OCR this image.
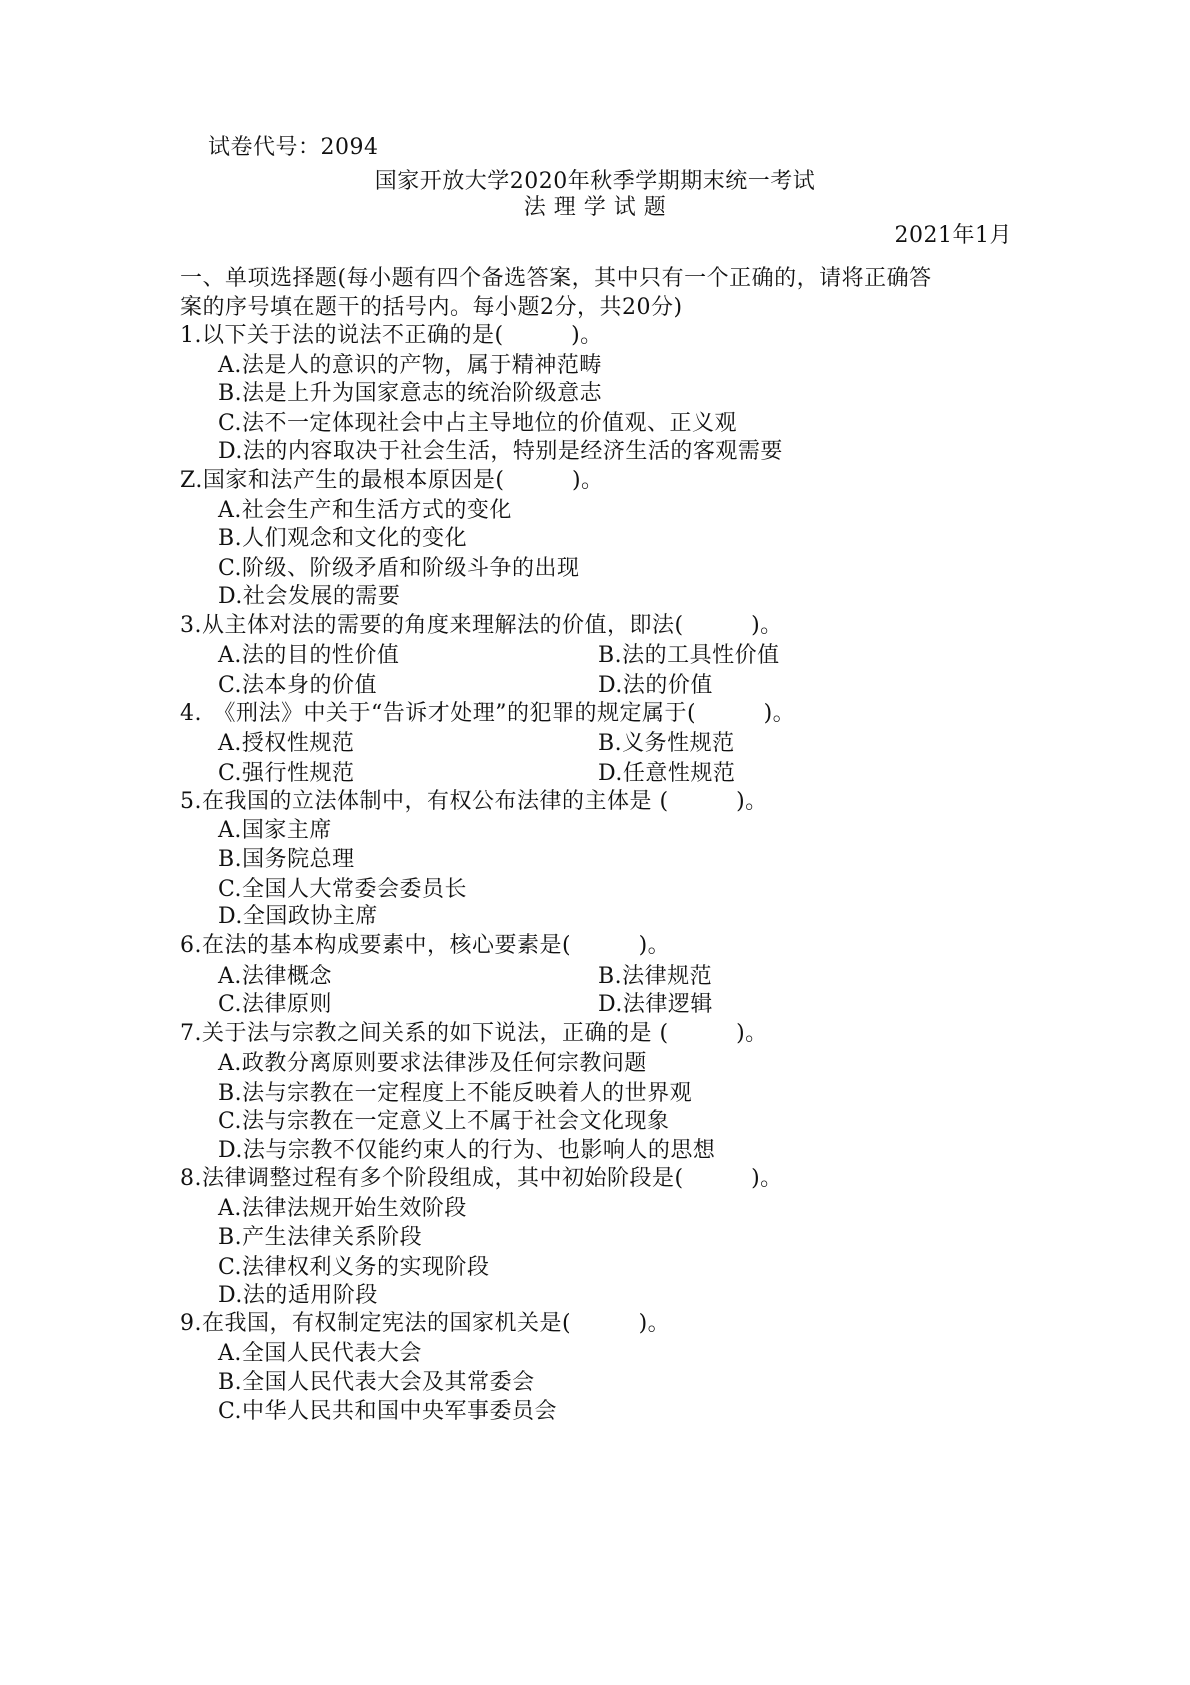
试卷代号：2094
国家开放大学2020年秋季学期期末统一考试
法 理 学 试 题
2021年1月
一、单项选择题(每小题有四个备选答案，其中只有一个正确的，请将正确答
案的序号填在题干的括号内。每小题2分，共20分)
1.以下关于法的说法不正确的是(　　　)。
A.法是人的意识的产物，属于精神范畴
B.法是上升为国家意志的统治阶级意志
C.法不一定体现社会中占主导地位的价值观、正义观
D.法的内容取决于社会生活，特别是经济生活的客观需要
Z.国家和法产生的最根本原因是(　　　)。
A.社会生产和生活方式的变化
B.人们观念和文化的变化
C.阶级、阶级矛盾和阶级斗争的出现
D.社会发展的需要
3.从主体对法的需要的角度来理解法的价值，即法(　　　)。
A.法的目的性价值	B.法的工具性价值
C.法本身的价值	D.法的价值
4.　《刑法》中关于“告诉才处理”的犯罪的规定属于(　　　)。
A.授权性规范	B.义务性规范
C.强行性规范	D.任意性规范
5.在我国的立法体制中，有权公布法律的主体是 (　　　)。
A.国家主席
B.国务院总理
C.全国人大常委会委员长
D.全国政协主席
6.在法的基本构成要素中，核心要素是(　　　)。
A.法律概念	B.法律规范
C.法律原则	D.法律逻辑
7.关于法与宗教之间关系的如下说法，正确的是 (　　　)。
A.政教分离原则要求法律涉及任何宗教问题
B.法与宗教在一定程度上不能反映着人的世界观
C.法与宗教在一定意义上不属于社会文化现象
D.法与宗教不仅能约束人的行为、也影响人的思想
8.法律调整过程有多个阶段组成，其中初始阶段是(　　　)。
A.法律法规开始生效阶段
B.产生法律关系阶段
C.法律权利义务的实现阶段
D.法的适用阶段
9.在我国，有权制定宪法的国家机关是(　　　)。
A.全国人民代表大会
B.全国人民代表大会及其常委会
C.中华人民共和国中央军事委员会
